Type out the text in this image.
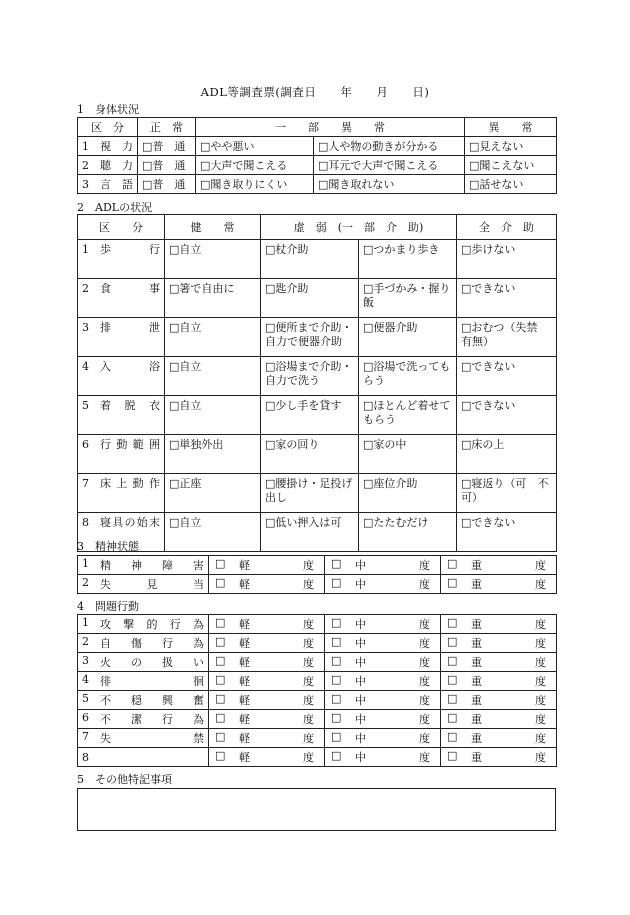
ADL等調査票(調査日　　年　　月　　日)
1　身体状況
区　分	正　常	一　　部　　異　　常		異　　常
1　視　力	□普　通	□やや悪い	□人や物の動きが分かる	□見えない
2　聴　力	□普　通	□大声で聞こえる	□耳元で大声で聞こえる	□聞こえない
3　言　語	□普　通	□聞き取りにくい	□聞き取れない	□話せない
2　ADLの状況
区　　分	健　　常	虚　弱　(一　部　介　助)		全　介　助

1 歩　　行	□自立	□杖介助	□つかまり歩き	□歩けない

2 食　　事	□箸で自由に	□匙介助	□手づかみ・握り飯	□できない

3 排　　泄	□自立	□便所まで介助・自力で便器介助	□便器介助	□おむつ（失禁　有無）

4 入　　浴	□自立	□浴場まで介助・自力で洗う	□浴場で洗ってもらう	□できない

5 着 脱 衣	□自立	□少し手を貸す	□ほとんど着せてもらう	□できない

6 行動範囲	□単独外出	□家の回り	□家の中	□床の上

7 床上動作	□正座	□腰掛け・足投げ出し	□座位介助	□寝返り（可　不可）

8 寝具の始末	□自立	□低い押入は可	□たたむだけ	□できない
3　精神状態
1 精神障害	□ 軽 度	□ 中 度	□ 重 度

2 失見当	□ 軽 度	□ 中 度	□ 重 度
4　問題行動
1 攻撃的行為	□ 軽 度	□ 中 度	□ 重 度

2 自傷行為	□ 軽 度	□ 中 度	□ 重 度

3 火の扱い	□ 軽 度	□ 中 度	□ 重 度

4 徘徊	□ 軽 度	□ 中 度	□ 重 度

5 不穏興奮	□ 軽 度	□ 中 度	□ 重 度

6 不潔行為	□ 軽 度	□ 中 度	□ 重 度

7 失禁	□ 軽 度	□ 中 度	□ 重 度

8	□ 軽 度	□ 中 度	□ 重 度
5　その他特記事項
